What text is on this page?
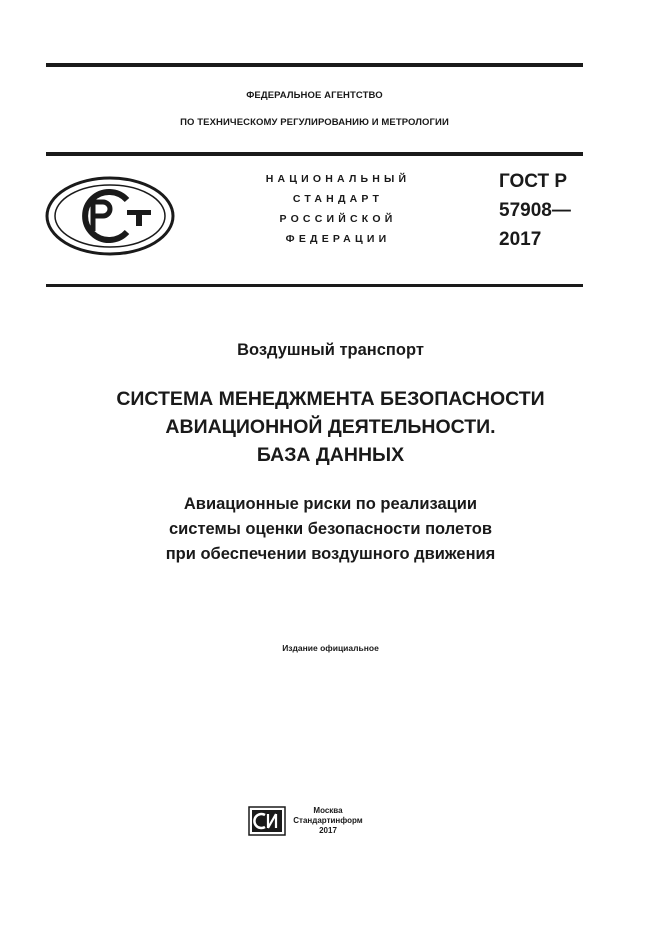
ФЕДЕРАЛЬНОЕ АГЕНТСТВО
ПО ТЕХНИЧЕСКОМУ РЕГУЛИРОВАНИЮ И МЕТРОЛОГИИ
РСТ
НАЦИОНАЛЬНЫЙ
СТАНДАРТ
РОССИЙСКОЙ
ФЕДЕРАЦИИ
ГОСТ Р
57908—
2017
Воздушный транспорт
СИСТЕМА МЕНЕДЖМЕНТА БЕЗОПАСНОСТИ
АВИАЦИОННОЙ ДЕЯТЕЛЬНОСТИ.
БАЗА ДАННЫХ
Авиационные риски по реализации
системы оценки безопасности полетов
при обеспечении воздушного движения
Издание официальное
Москва
Стандартинформ
2017
